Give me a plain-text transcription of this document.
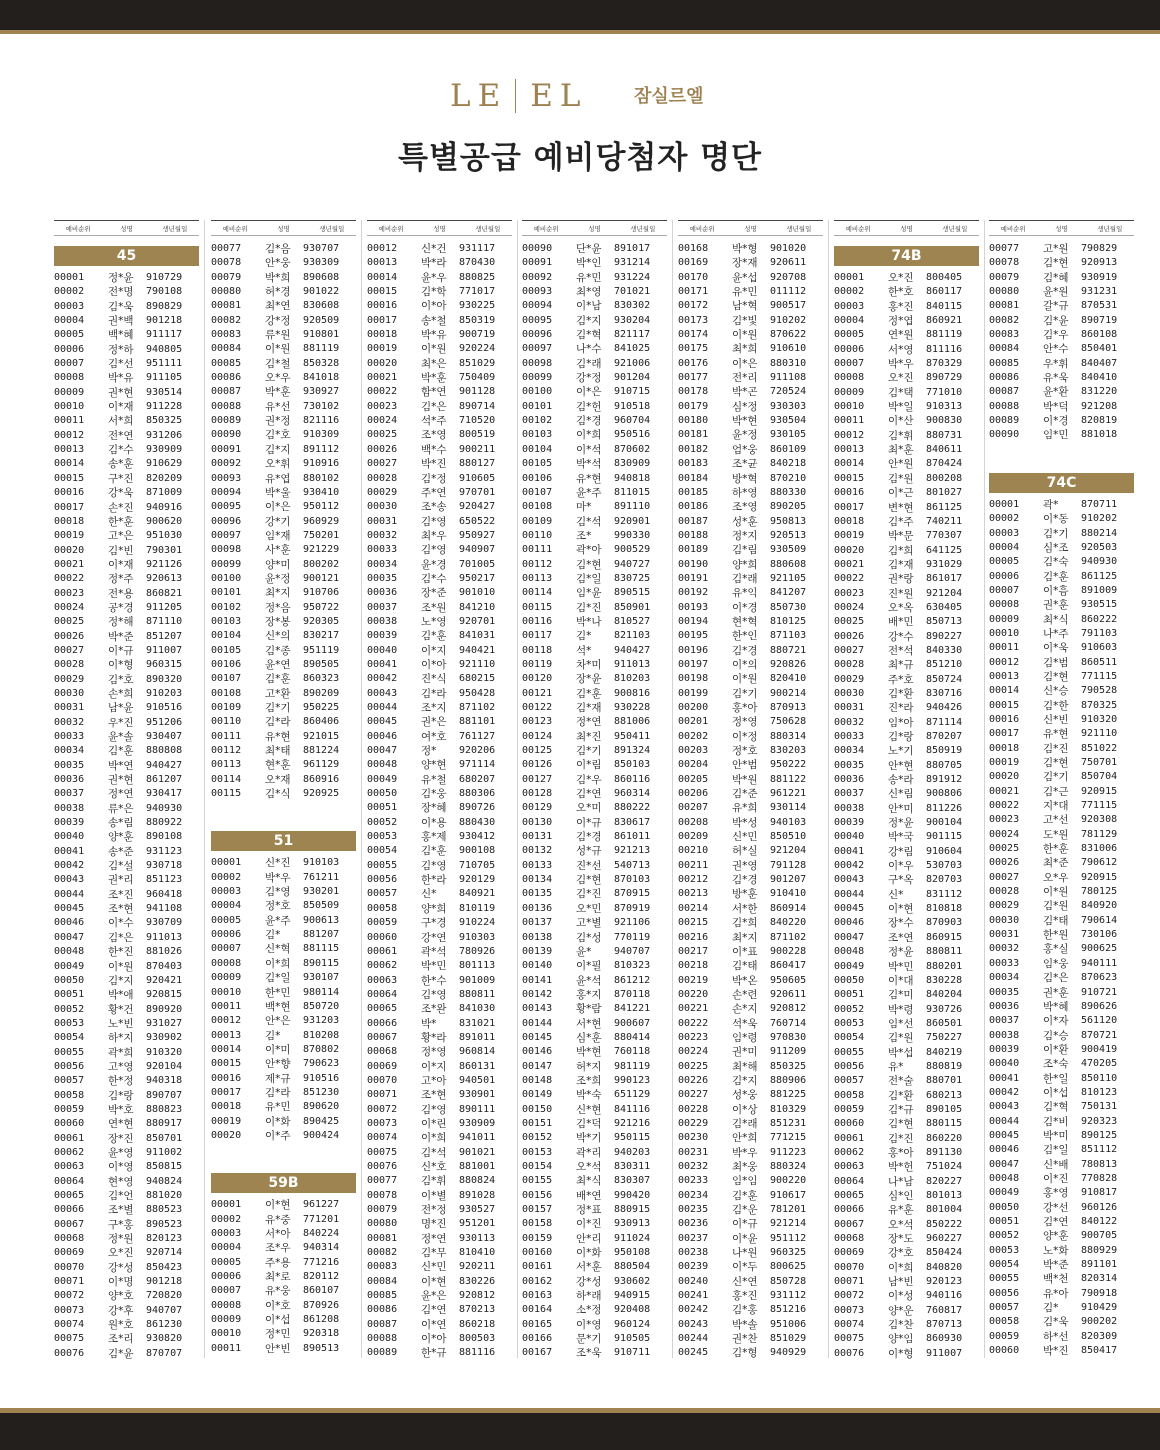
LE EL	잠실르엘
특별공급 예비당첨자 명단
예비순위	성명	생년월일
45
00001	정*윤	910729
00002	전*명	790108
00003	김*욱	890829
00004	권*백	901218
00005	백*혜	911117
00006	정*하	940805
00007	김*선	951111
00008	박*유	911105
00009	권*현	930514
00010	이*재	911228
00011	서*희	850325
00012	전*연	931206
00013	김*수	930909
00014	송*훈	910629
00015	구*진	820209
00016	강*욱	871009
00017	손*진	940916
00018	한*훈	900620
00019	고*은	951030
00020	김*빈	790301
00021	이*재	921126
00022	정*주	920613
00023	전*용	860821
00024	공*경	911205
00025	정*해	871110
00026	박*준	851207
00027	이*규	911007
00028	이*형	960315
00029	김*호	890320
00030	손*희	910203
00031	남*윤	910516
00032	우*진	951206
00033	윤*솔	930407
00034	김*훈	880808
00035	박*연	940427
00036	권*현	861207
00037	정*연	930417
00038	류*은	940930
00039	송*림	880922
00040	양*훈	890108
00041	송*준	931123
00042	김*설	930718
00043	권*리	851123
00044	조*진	960418
00045	조*현	941108
00046	이*수	930709
00047	김*은	911013
00048	한*진	881026
00049	이*원	870403
00050	김*지	920421
00051	박*애	920815
00052	황*건	890920
00053	노*빈	931027
00054	하*지	930902
00055	곽*희	910320
00056	고*영	920104
00057	한*정	940318
00058	김*랑	890707
00059	박*호	880823
00060	연*현	880917
00061	장*진	850701
00062	윤*영	911002
00063	이*영	850815
00064	현*영	940824
00065	김*언	881020
00066	조*별	880523
00067	구*홍	890523
00068	정*원	820123
00069	오*진	920714
00070	강*성	850423
00071	이*명	901218
00072	양*호	720820
00073	강*후	940707
00074	원*호	861230
00075	조*리	930820
00076	김*윤	870707
예비순위	성명	생년월일
00077	김*음	930707
00078	안*웅	930309
00079	박*희	890608
00080	허*경	901022
00081	최*연	830608
00082	강*정	920509
00083	류*원	910801
00084	이*원	881119
00085	김*철	850328
00086	오*우	841018
00087	박*훈	930927
00088	유*선	730102
00089	권*정	821116
00090	김*호	910309
00091	김*지	891112
00092	오*휘	910916
00093	유*엽	880102
00094	박*울	930410
00095	이*은	950112
00096	강*기	960929
00097	임*재	750201
00098	사*훈	921229
00099	양*미	800202
00100	윤*정	900121
00101	최*지	910706
00102	정*음	950722
00103	장*봉	920305
00104	신*의	830217
00105	김*종	951119
00106	윤*연	890505
00107	김*훈	860323
00108	고*환	890209
00109	김*기	950225
00110	김*라	860406
00111	유*현	921015
00112	최*태	881224
00113	현*훈	961129
00114	오*재	860916
00115	김*식	920925
51
00001	신*진	910103
00002	박*우	761211
00003	김*영	930201
00004	정*호	850509
00005	윤*주	900613
00006	김*	881207
00007	신*혁	881115
00008	이*희	890115
00009	김*일	930107
00010	한*민	980114
00011	백*현	850720
00012	안*은	931203
00013	김*	810208
00014	이*미	870802
00015	안*향	790623
00016	제*규	910516
00017	김*라	851230
00018	유*민	890620
00019	이*화	890425
00020	이*주	900424
59B
00001	이*현	961227
00002	유*중	771201
00003	서*아	840224
00004	조*우	940314
00005	주*용	771216
00006	최*로	820112
00007	유*웅	860107
00008	이*호	870926
00009	이*섭	861208
00010	정*민	920318
00011	안*빈	890513
예비순위	성명	생년월일
00012	신*건	931117
00013	박*라	870430
00014	윤*우	880825
00015	김*학	771017
00016	이*아	930225
00017	송*철	850319
00018	박*유	900719
00019	이*원	920224
00020	최*은	851029
00021	박*훈	750409
00022	함*연	901128
00023	김*은	890714
00024	석*주	710520
00025	조*영	800519
00026	백*수	900211
00027	박*진	880127
00028	김*정	910605
00029	주*연	970701
00030	조*송	920427
00031	김*영	650522
00032	최*우	950927
00033	김*영	940907
00034	윤*경	701005
00035	김*수	950217
00036	장*준	901010
00037	조*원	841210
00038	노*영	920701
00039	김*훈	841031
00040	이*지	940421
00041	이*아	921110
00042	진*식	680215
00043	김*라	950428
00044	조*지	871102
00045	권*은	881101
00046	여*호	761127
00047	정*	920206
00048	양*현	971114
00049	유*철	680207
00050	김*웅	880306
00051	장*혜	890726
00052	이*용	880430
00053	홍*제	930412
00054	김*훈	900108
00055	김*영	710705
00056	한*라	920129
00057	신*	840921
00058	양*희	810119
00059	구*경	910224
00060	강*연	910303
00061	곽*석	780926
00062	박*민	801113
00063	한*수	901009
00064	김*영	880811
00065	조*완	841030
00066	박*	831021
00067	황*라	891011
00068	정*영	960814
00069	이*지	860131
00070	고*아	940501
00071	조*현	930901
00072	김*영	890111
00073	이*린	930909
00074	이*희	941011
00075	김*석	901021
00076	신*호	881001
00077	김*휘	880824
00078	이*별	891028
00079	전*정	930527
00080	명*진	951201
00081	정*연	930113
00082	김*무	810410
00083	신*민	920211
00084	이*현	830226
00085	윤*은	920812
00086	김*연	870213
00087	이*연	860218
00088	이*아	800503
00089	한*규	881116
예비순위	성명	생년월일
00090	단*윤	891017
00091	박*인	931214
00092	유*민	931224
00093	최*영	701021
00094	이*남	830302
00095	김*지	930204
00096	김*혁	821117
00097	나*수	841025
00098	김*래	921006
00099	강*정	901204
00100	이*은	910715
00101	김*헌	910518
00102	김*경	960704
00103	이*희	950516
00104	이*석	870602
00105	박*석	830909
00106	유*현	940818
00107	윤*주	811015
00108	마*	891110
00109	김*석	920901
00110	조*	990330
00111	곽*아	900529
00112	김*현	940727
00113	김*일	830725
00114	임*윤	890515
00115	김*진	850901
00116	박*나	810527
00117	김*	821103
00118	석*	940427
00119	차*미	911013
00120	장*윤	810203
00121	김*훈	900816
00122	김*재	930228
00123	정*연	881006
00124	최*진	950411
00125	김*기	891324
00126	이*림	850103
00127	김*우	860116
00128	김*연	960314
00129	오*미	880222
00130	이*규	830617
00131	김*경	861011
00132	성*규	921213
00133	진*선	540713
00134	김*현	870103
00135	김*진	870915
00136	오*민	870919
00137	고*별	921106
00138	김*성	770119
00139	윤*	940707
00140	이*필	810323
00141	윤*석	861212
00142	홍*지	870118
00143	황*람	841221
00144	서*현	900607
00145	심*훈	880414
00146	박*현	760118
00147	허*지	981119
00148	조*희	990123
00149	박*숙	651129
00150	신*현	841116
00151	김*덕	921216
00152	박*기	950115
00153	곽*리	940203
00154	오*석	830311
00155	최*식	830307
00156	배*연	990420
00157	정*표	880915
00158	이*진	930913
00159	안*리	911024
00160	이*화	950108
00161	서*훈	880504
00162	강*성	930602
00163	하*래	940915
00164	소*정	920408
00165	이*영	960124
00166	문*기	910505
00167	조*욱	910711
예비순위	성명	생년월일
00168	박*형	901020
00169	장*재	920611
00170	윤*섭	920708
00171	유*민	011112
00172	남*혁	900517
00173	김*빛	910202
00174	이*원	870622
00175	최*희	910610
00176	이*은	880310
00177	전*리	911108
00178	박*곤	720524
00179	심*정	930303
00180	박*현	930504
00181	윤*정	930105
00182	엄*웅	860109
00183	조*균	840218
00184	방*혁	870210
00185	하*영	880330
00186	조*영	890205
00187	성*훈	950813
00188	정*지	920513
00189	김*림	930509
00190	양*희	880608
00191	김*래	921105
00192	유*익	841207
00193	이*경	850730
00194	현*혁	810125
00195	한*인	871103
00196	김*경	880721
00197	이*의	920826
00198	이*원	820410
00199	김*기	900214
00200	홍*아	870913
00201	정*영	750628
00202	이*정	880314
00203	정*호	830203
00204	안*범	950222
00205	박*원	881122
00206	김*준	961221
00207	유*희	930114
00208	박*성	940103
00209	신*민	850510
00210	허*실	921204
00211	권*영	791128
00212	김*경	901207
00213	방*훈	910410
00214	서*한	860914
00215	김*희	840220
00216	최*지	871102
00217	이*표	900228
00218	김*태	860417
00219	박*온	950605
00220	손*련	920611
00221	손*지	920812
00222	석*욱	760714
00223	임*령	970830
00224	권*미	911209
00225	최*해	850325
00226	김*지	880906
00227	성*웅	881225
00228	이*상	810329
00229	김*래	851231
00230	안*희	771215
00231	박*우	911223
00232	최*웅	880324
00233	임*임	900220
00234	김*훈	910617
00235	김*운	781201
00236	이*규	921214
00237	이*윤	951112
00238	나*원	960325
00239	이*두	800625
00240	신*연	850728
00241	홍*진	931112
00242	김*홍	851216
00243	박*솔	951006
00244	권*찬	851029
00245	김*형	940929
예비순위	성명	생년월일
74B
00001	오*진	800405
00002	한*호	860117
00003	홍*진	840115
00004	정*엽	860921
00005	연*원	881119
00006	서*영	811116
00007	박*우	870329
00008	오*진	890729
00009	김*택	771010
00010	박*일	910313
00011	이*산	900830
00012	김*휘	880731
00013	최*훈	840611
00014	안*원	870424
00015	김*원	800208
00016	이*근	801027
00017	변*현	861125
00018	김*주	740211
00019	박*문	770307
00020	김*희	641125
00021	김*재	931029
00022	권*랑	861017
00023	진*원	921204
00024	오*옥	630405
00025	배*민	850713
00026	강*수	890227
00027	전*석	840330
00028	최*규	851210
00029	주*호	850724
00030	김*환	830716
00031	진*라	940426
00032	임*아	871114
00033	김*랑	870207
00034	노*기	850919
00035	안*현	880705
00036	송*라	891912
00037	신*림	900806
00038	안*미	811226
00039	정*윤	900104
00040	박*국	901115
00041	강*림	910604
00042	이*우	530703
00043	구*옥	820703
00044	신*	831112
00045	이*현	810818
00046	장*수	870903
00047	조*연	860915
00048	정*윤	880811
00049	박*민	880201
00050	이*대	830228
00051	김*미	840204
00052	박*령	930726
00053	임*선	860501
00054	김*원	750227
00055	박*섭	840219
00056	유*	880819
00057	전*술	880701
00058	김*환	680213
00059	김*규	890105
00060	김*현	880115
00061	김*진	860220
00062	홍*아	891130
00063	박*헌	751024
00064	나*남	820227
00065	심*인	801013
00066	유*훈	801004
00067	오*석	850222
00068	장*도	960227
00069	강*호	850424
00070	이*희	840820
00071	남*빈	920123
00072	이*성	940116
00073	양*운	760817
00074	김*찬	870713
00075	양*임	860930
00076	이*형	911007
예비순위	성명	생년월일
00077	고*원	790829
00078	김*현	920913
00079	김*혜	930919
00080	윤*원	931231
00081	갈*규	870531
00082	김*윤	890719
00083	김*우	860108
00084	안*수	850401
00085	우*휘	840407
00086	유*욱	840410
00087	윤*환	831220
00088	박*덕	921208
00089	이*경	820819
00090	임*민	881018
74C
00001	곽*	870711
00002	이*동	910202
00003	김*기	880214
00004	심*조	920503
00005	김*숙	940930
00006	김*훈	861125
00007	이*흠	891009
00008	권*훈	930515
00009	최*식	860222
00010	나*주	791103
00011	이*욱	910603
00012	김*범	860511
00013	김*현	771115
00014	신*승	790528
00015	김*한	870325
00016	신*빈	910320
00017	유*현	921110
00018	김*진	851022
00019	김*현	750701
00020	김*기	850704
00021	김*근	920915
00022	지*대	771115
00023	고*선	920308
00024	도*원	781129
00025	한*훈	831006
00026	최*준	790612
00027	오*우	920915
00028	이*원	780125
00029	김*원	840920
00030	김*태	790614
00031	한*원	730106
00032	홍*실	900625
00033	임*웅	940111
00034	김*은	870623
00035	권*훈	910721
00036	박*혜	890626
00037	이*자	561120
00038	김*승	870721
00039	이*환	900419
00040	조*숙	470205
00041	한*일	850110
00042	이*섭	810123
00043	김*혁	750131
00044	김*비	920323
00045	박*미	890125
00046	김*일	851112
00047	신*배	780813
00048	이*진	770828
00049	홍*영	910817
00050	강*선	960126
00051	김*연	840122
00052	양*훈	900705
00053	노*화	880929
00054	박*준	891101
00055	백*천	820314
00056	유*아	790918
00057	김*	910429
00058	김*욱	900202
00059	하*선	820309
00060	박*진	850417
